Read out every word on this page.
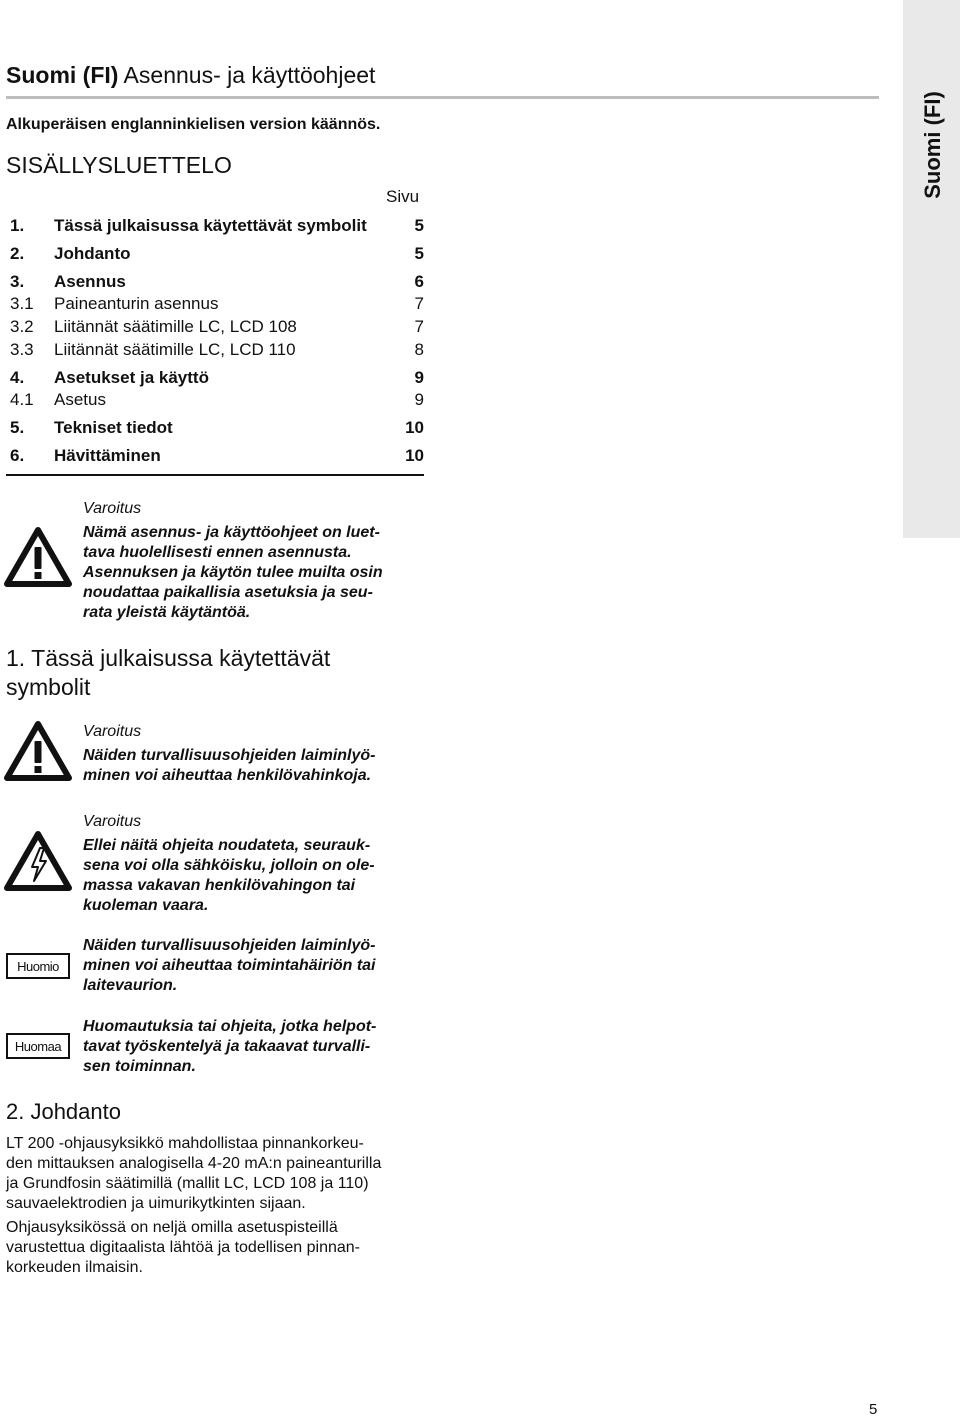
Suomi (FI)
Suomi (FI) Asennus- ja käyttöohjeet
Alkuperäisen englanninkielisen version käännös.
SISÄLLYSLUETTELO
Sivu
1. Tässä julkaisussa käytettävät symbolit	5
2. Johdanto	5
3. Asennus	6
3.1 Paineanturin asennus	7
3.2 Liitännät säätimille LC, LCD 108	7
3.3 Liitännät säätimille LC, LCD 110	8
4. Asetukset ja käyttö	9
4.1 Asetus	9
5. Tekniset tiedot	10
6. Hävittäminen	10
Varoitus
Nämä asennus- ja käyttöohjeet on luet-
tava huolellisesti ennen asennusta.
Asennuksen ja käytön tulee muilta osin
noudattaa paikallisia asetuksia ja seu-
rata yleistä käytäntöä.
1. Tässä julkaisussa käytettävät
symbolit
Varoitus
Näiden turvallisuusohjeiden laiminlyö-
minen voi aiheuttaa henkilövahinkoja.
Varoitus
Ellei näitä ohjeita noudateta, seurauk-
sena voi olla sähköisku, jolloin on ole-
massa vakavan henkilövahingon tai
kuoleman vaara.
Huomio
Näiden turvallisuusohjeiden laiminlyö-
minen voi aiheuttaa toimintahäiriön tai
laitevaurion.
Huomaa
Huomautuksia tai ohjeita, jotka helpot-
tavat työskentelyä ja takaavat turvalli-
sen toiminnan.
2. Johdanto
LT 200 -ohjausyksikkö mahdollistaa pinnankorkeu-
den mittauksen analogisella 4-20 mA:n paineanturilla
ja Grundfosin säätimillä (mallit LC, LCD 108 ja 110)
sauvaelektrodien ja uimurikytkinten sijaan.
Ohjausyksikössä on neljä omilla asetuspisteillä
varustettua digitaalista lähtöä ja todellisen pinnan-
korkeuden ilmaisin.
5
